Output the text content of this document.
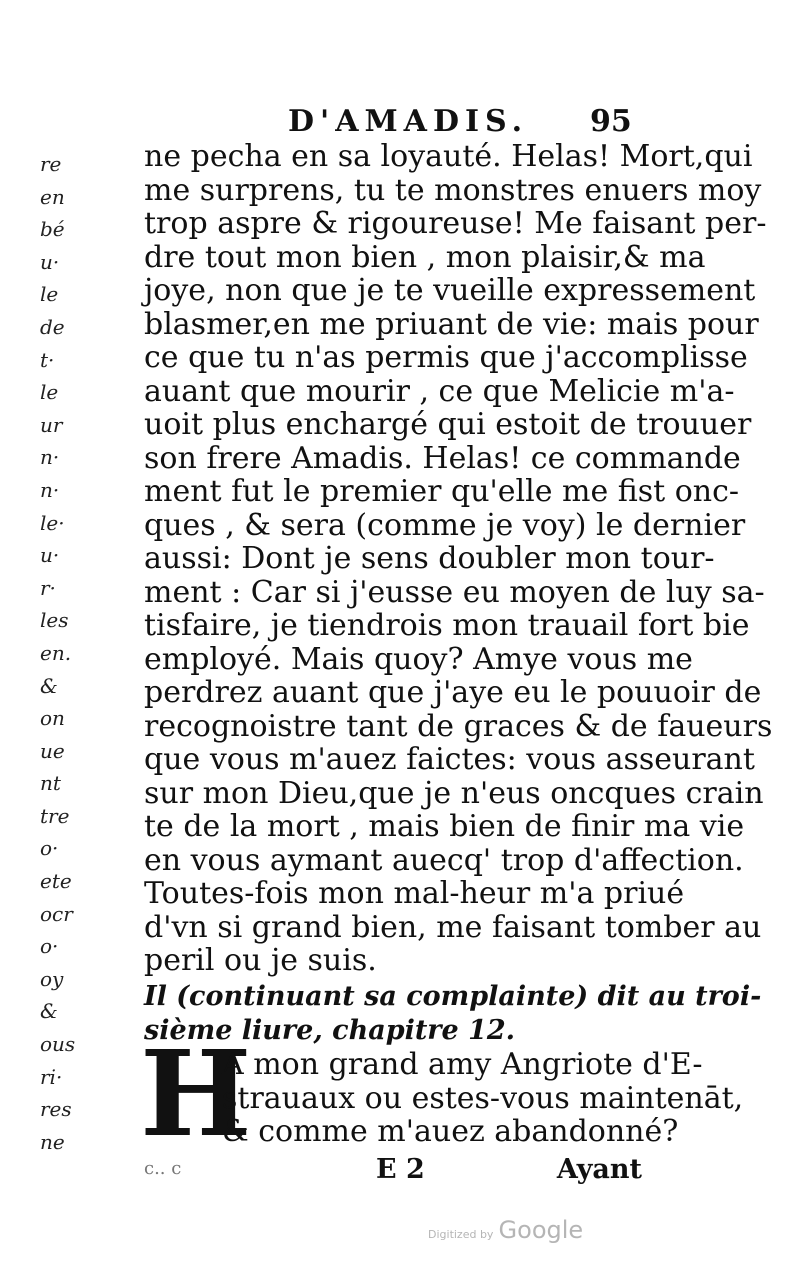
D'AMADIS. 95
re
en
bé
u·
le
de
t·
le
ur
n·
n·
le·
u·
r·
les
en.
&
on
ue
nt
tre
o·
ete
ocr
o·
oy
&
ous
ri·
res
ne
ne pecha en sa loyauté. Helas! Mort,qui
me surprens, tu te monstres enuers moy
trop aspre & rigoureuse! Me faisant per-
dre tout mon bien , mon plaisir,& ma
joye, non que je te vueille expressement
blasmer,en me priuant de vie: mais pour
ce que tu n'as permis que j'accomplisse
auant que mourir , ce que Melicie m'a-
uoit plus enchargé qui estoit de trouuer
son frere Amadis. Helas! ce commande
ment fut le premier qu'elle me fist onc-
ques , & sera (comme je voy) le dernier
aussi: Dont je sens doubler mon tour-
ment : Car si j'eusse eu moyen de luy sa-
tisfaire, je tiendrois mon trauail fort bie
employé. Mais quoy? Amye vous me
perdrez auant que j'aye eu le pouuoir de
recognoistre tant de graces & de faueurs
que vous m'auez faictes: vous asseurant
sur mon Dieu,que je n'eus oncques crain
te de la mort , mais bien de finir ma vie
en vous aymant auecq' trop d'affection.
Toutes-fois mon mal-heur m'a priué
d'vn si grand bien, me faisant tomber au
peril ou je suis.
Il (continuant sa complainte) dit au troi-
sième liure, chapitre 12.
H
A mon grand amy Angriote d'E-
strauaux ou estes-vous maintenāt,
& comme m'auez abandonné?
c.. c	E 2	Ayant
Digitized by Google
